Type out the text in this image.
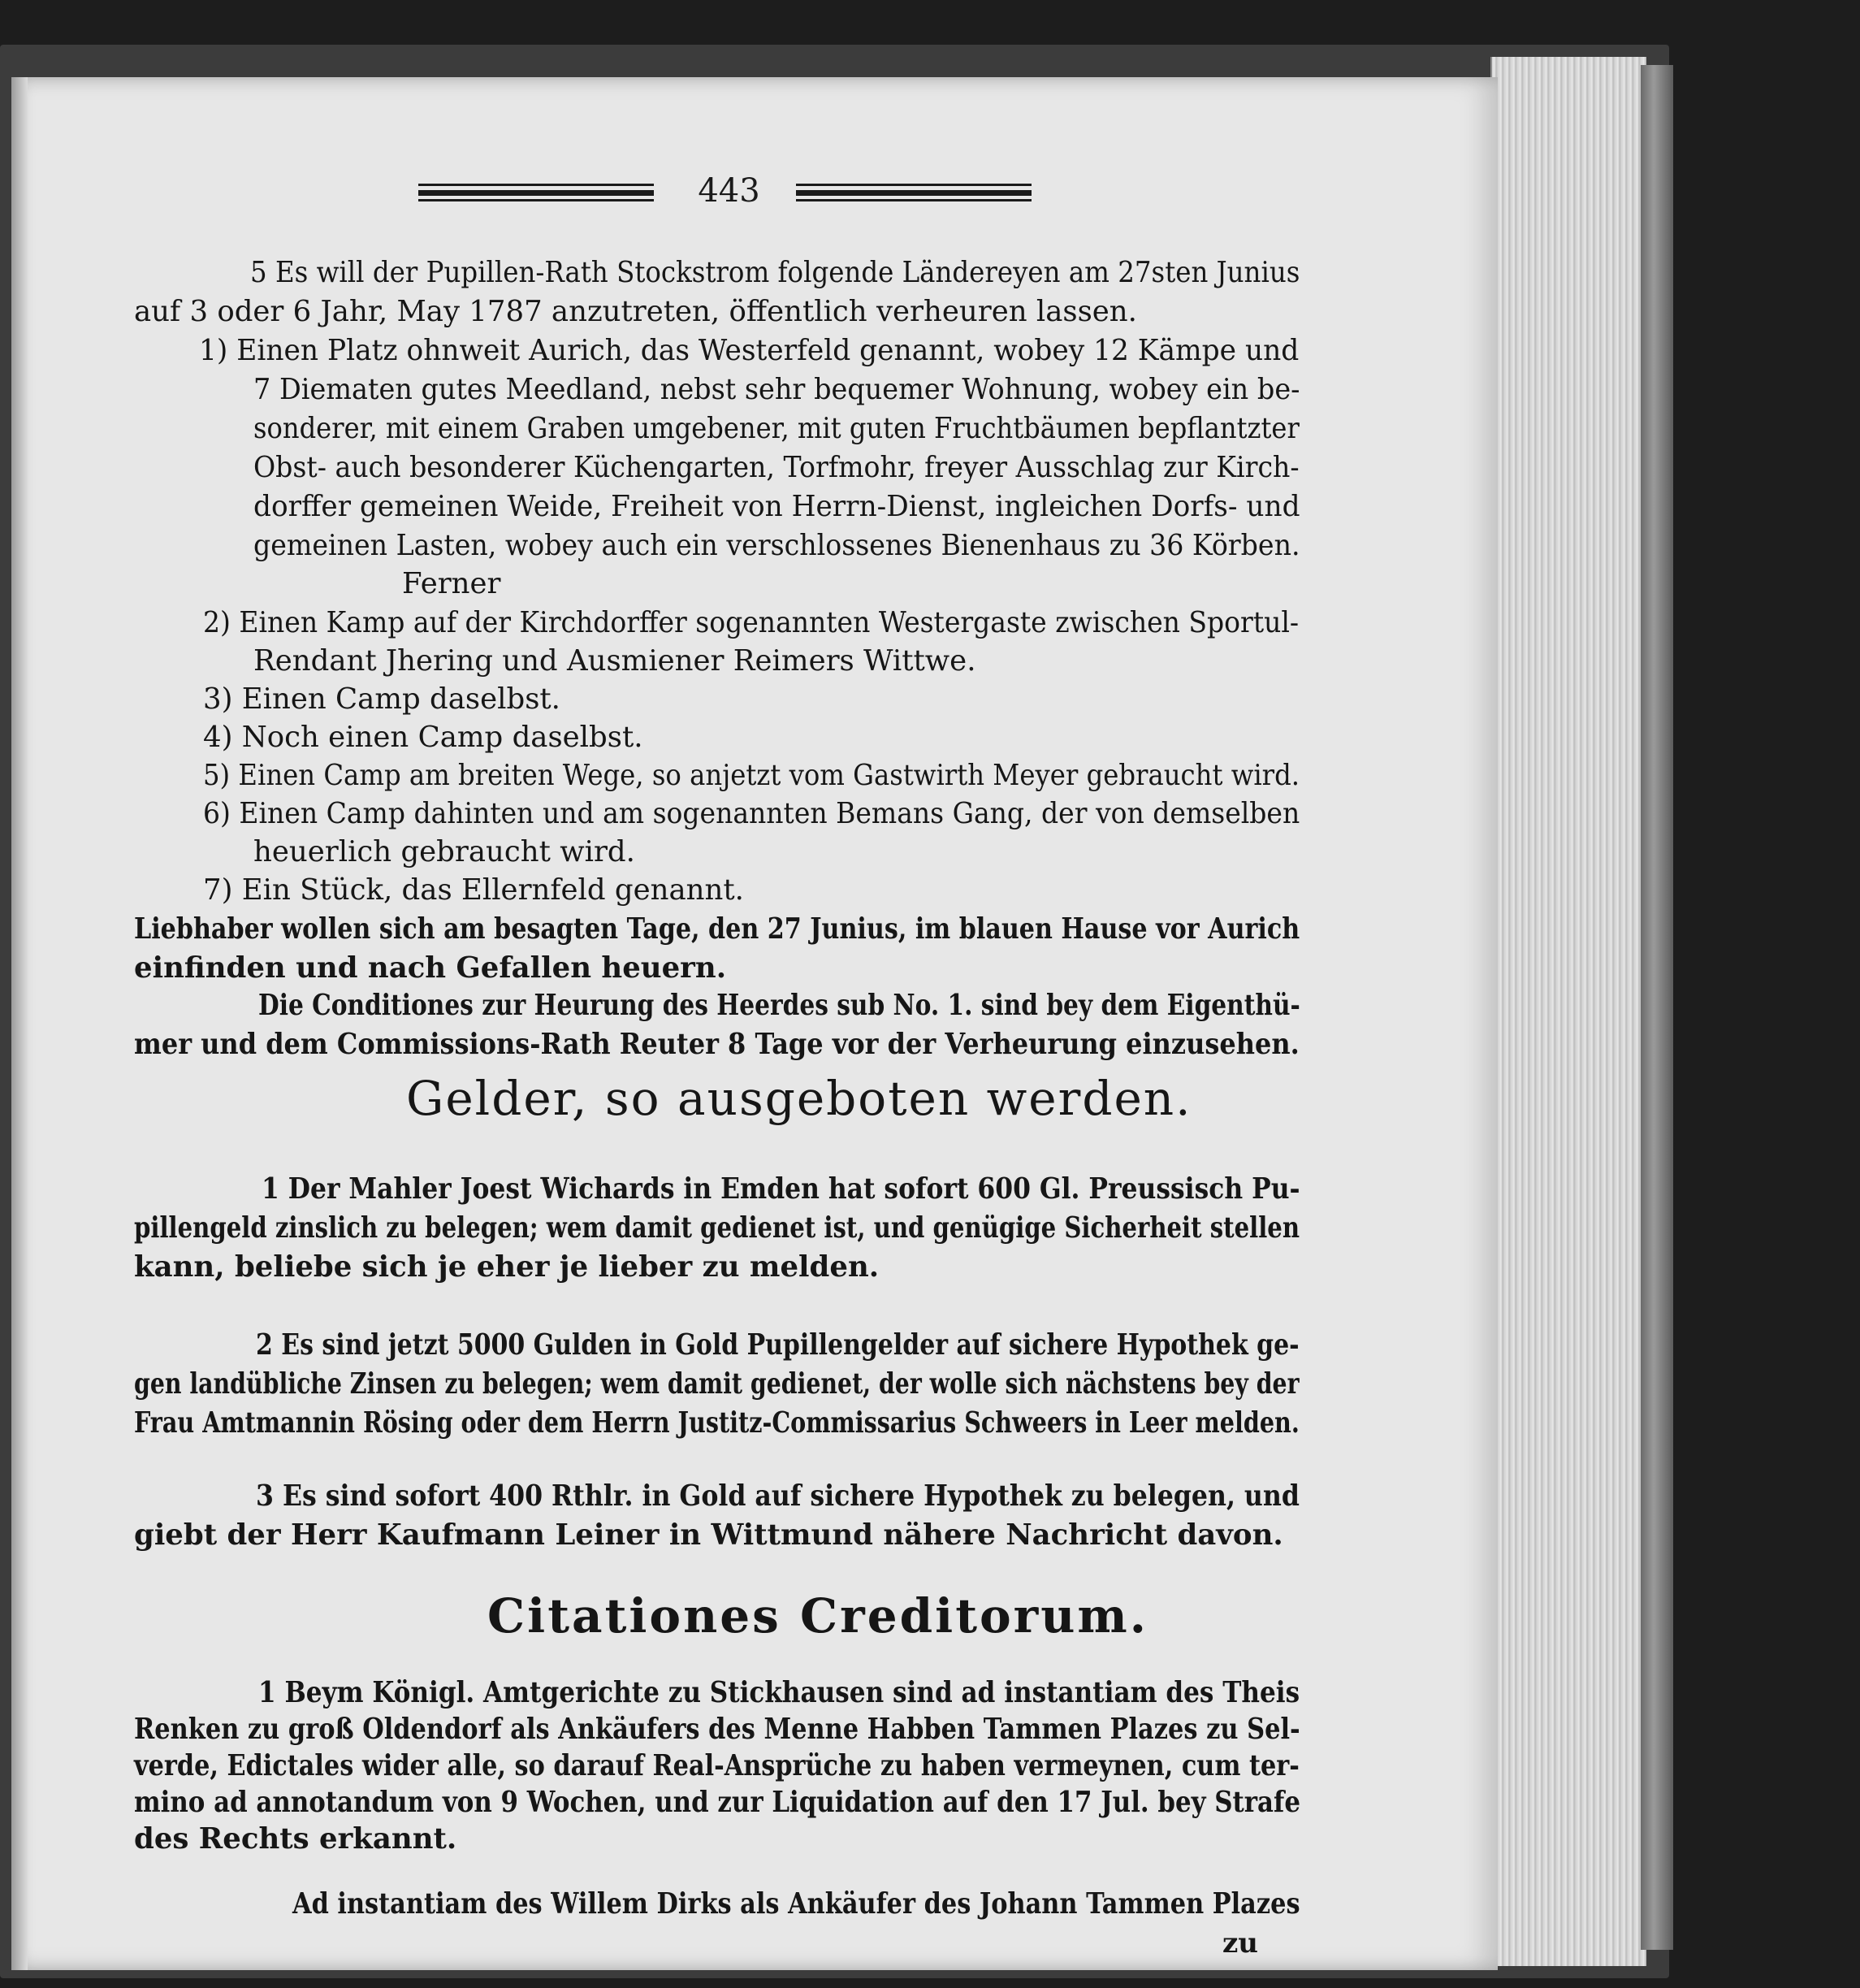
443
5 Es will der Pupillen-Rath Stockstrom folgende Ländereyen am 27sten Junius
auf 3 oder 6 Jahr, May 1787 anzutreten, öffentlich verheuren lassen.
1) Einen Platz ohnweit Aurich, das Westerfeld genannt, wobey 12 Kämpe und
7 Diematen gutes Meedland, nebst sehr bequemer Wohnung, wobey ein be-
sonderer, mit einem Graben umgebener, mit guten Fruchtbäumen bepflantzter
Obst- auch besonderer Küchengarten, Torfmohr, freyer Ausschlag zur Kirch-
dorffer gemeinen Weide, Freiheit von Herrn-Dienst, ingleichen Dorfs- und
gemeinen Lasten, wobey auch ein verschlossenes Bienenhaus zu 36 Körben.
Ferner
2) Einen Kamp auf der Kirchdorffer sogenannten Westergaste zwischen Sportul-
Rendant Jhering und Ausmiener Reimers Wittwe.
3) Einen Camp daselbst.
4) Noch einen Camp daselbst.
5) Einen Camp am breiten Wege, so anjetzt vom Gastwirth Meyer gebraucht wird.
6) Einen Camp dahinten und am sogenannten Bemans Gang, der von demselben
heuerlich gebraucht wird.
7) Ein Stück, das Ellernfeld genannt.
Liebhaber wollen sich am besagten Tage, den 27 Junius, im blauen Hause vor Aurich
einfinden und nach Gefallen heuern.
Die Conditiones zur Heurung des Heerdes sub No. 1. sind bey dem Eigenthü-
Gelder, so ausgeboten werden.
mer und dem Commissions-Rath Reuter 8 Tage vor der Verheurung einzusehen.
1 Der Mahler Joest Wichards in Emden hat sofort 600 Gl. Preussisch Pu-
pillengeld zinslich zu belegen; wem damit gedienet ist, und genügige Sicherheit stellen
kann, beliebe sich je eher je lieber zu melden.
2 Es sind jetzt 5000 Gulden in Gold Pupillengelder auf sichere Hypothek ge-
gen landübliche Zinsen zu belegen; wem damit gedienet, der wolle sich nächstens bey der
Frau Amtmannin Rösing oder dem Herrn Justitz-Commissarius Schweers in Leer melden.
3 Es sind sofort 400 Rthlr. in Gold auf sichere Hypothek zu belegen, und
giebt der Herr Kaufmann Leiner in Wittmund nähere Nachricht davon.
Citationes Creditorum.
1 Beym Königl. Amtgerichte zu Stickhausen sind ad instantiam des Theis
Renken zu groß Oldendorf als Ankäufers des Menne Habben Tammen Plazes zu Sel-
verde, Edictales wider alle, so darauf Real-Ansprüche zu haben vermeynen, cum ter-
mino ad annotandum von 9 Wochen, und zur Liquidation auf den 17 Jul. bey Strafe
des Rechts erkannt.
Ad instantiam des Willem Dirks als Ankäufer des Johann Tammen Plazes
zu
